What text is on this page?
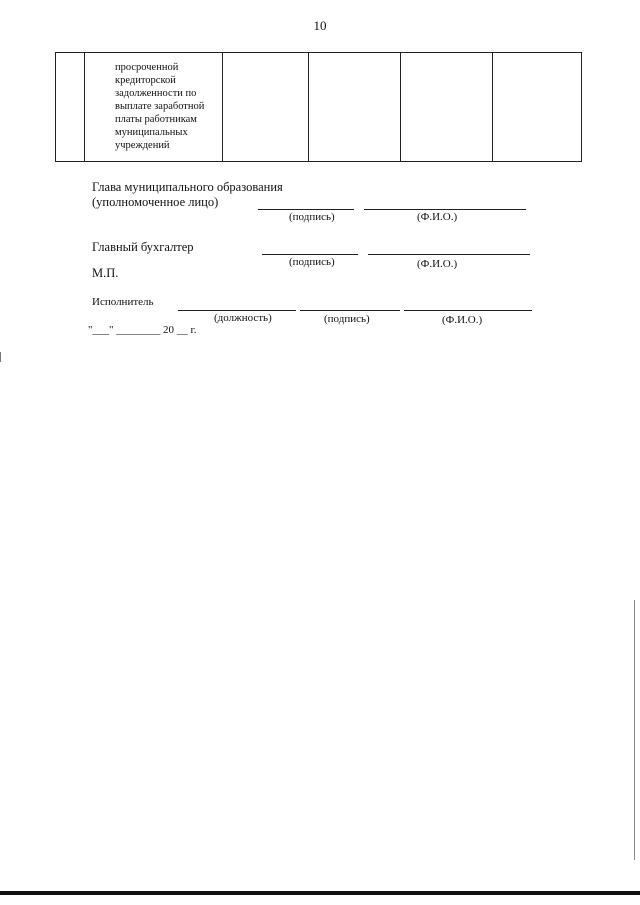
10

просроченной
кредиторской
задолженности по
выплате заработной
платы работникам
муниципальных
учреждений

Глава муниципального образования
(уполномоченное лицо)
(подпись)	(Ф.И.О.)
Главный бухгалтер
(подпись)	(Ф.И.О.)
М.П.
Исполнитель
(должность)	(подпись)	(Ф.И.О.)
"___" ________ 20 __ г.
